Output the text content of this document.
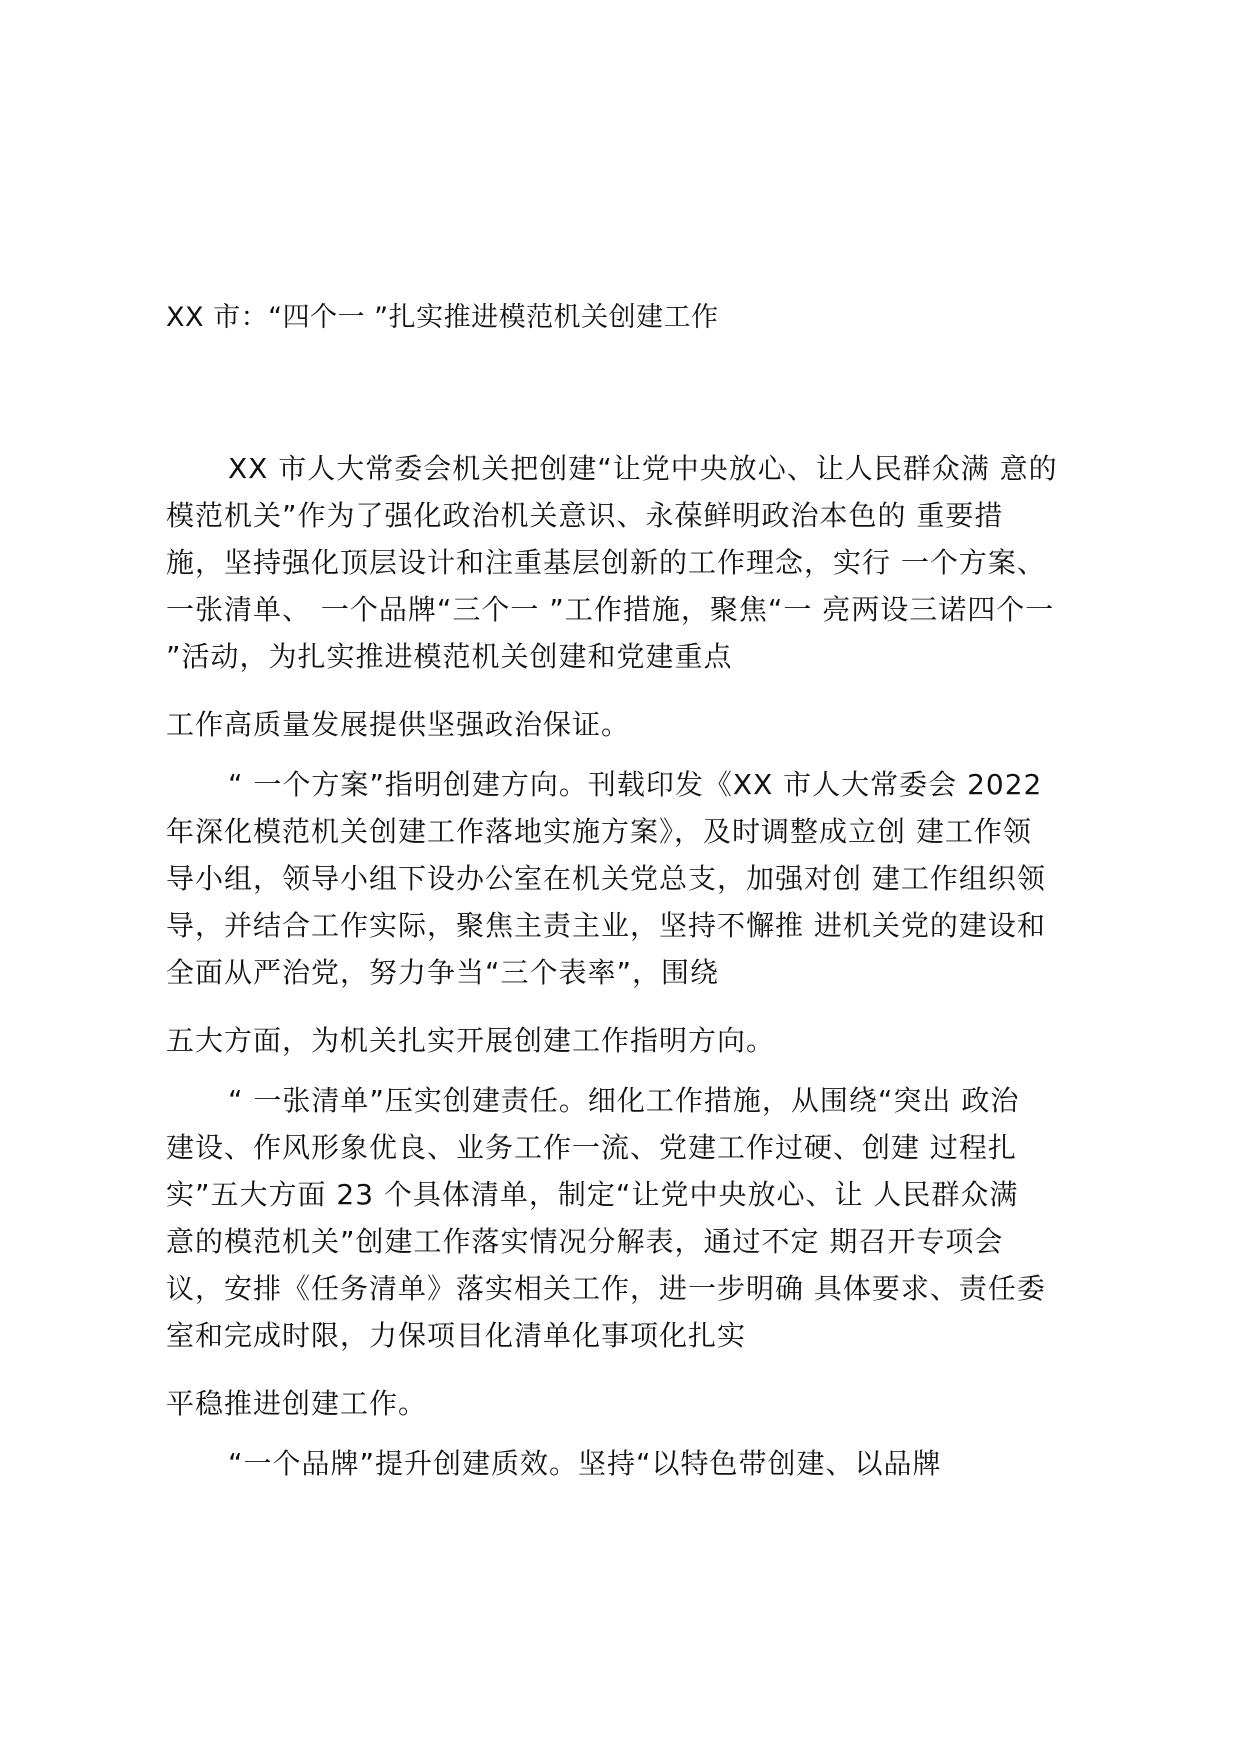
XX 市：“四个一 ”扎实推进模范机关创建工作
XX 市人大常委会机关把创建“让党中央放心、让人民群众满 意的
模范机关”作为了强化政治机关意识、永葆鲜明政治本色的 重要措
施，坚持强化顶层设计和注重基层创新的工作理念，实行 一个方案、
一张清单、 一个品牌“三个一 ”工作措施，聚焦“一 亮两设三诺四个一
”活动，为扎实推进模范机关创建和党建重点
工作高质量发展提供坚强政治保证。
“ 一个方案”指明创建方向。刊载印发《XX 市人大常委会 2022
年深化模范机关创建工作落地实施方案》，及时调整成立创 建工作领
导小组，领导小组下设办公室在机关党总支，加强对创 建工作组织领
导，并结合工作实际，聚焦主责主业，坚持不懈推 进机关党的建设和
全面从严治党，努力争当“三个表率”，围绕
五大方面，为机关扎实开展创建工作指明方向。
“ 一张清单”压实创建责任。细化工作措施，从围绕“突出 政治
建设、作风形象优良、业务工作一流、党建工作过硬、创建 过程扎
实”五大方面 23 个具体清单，制定“让党中央放心、让 人民群众满
意的模范机关”创建工作落实情况分解表，通过不定 期召开专项会
议，安排《任务清单》落实相关工作，进一步明确 具体要求、责任委
室和完成时限，力保项目化清单化事项化扎实
平稳推进创建工作。
“一个品牌”提升创建质效。坚持“以特色带创建、以品牌
